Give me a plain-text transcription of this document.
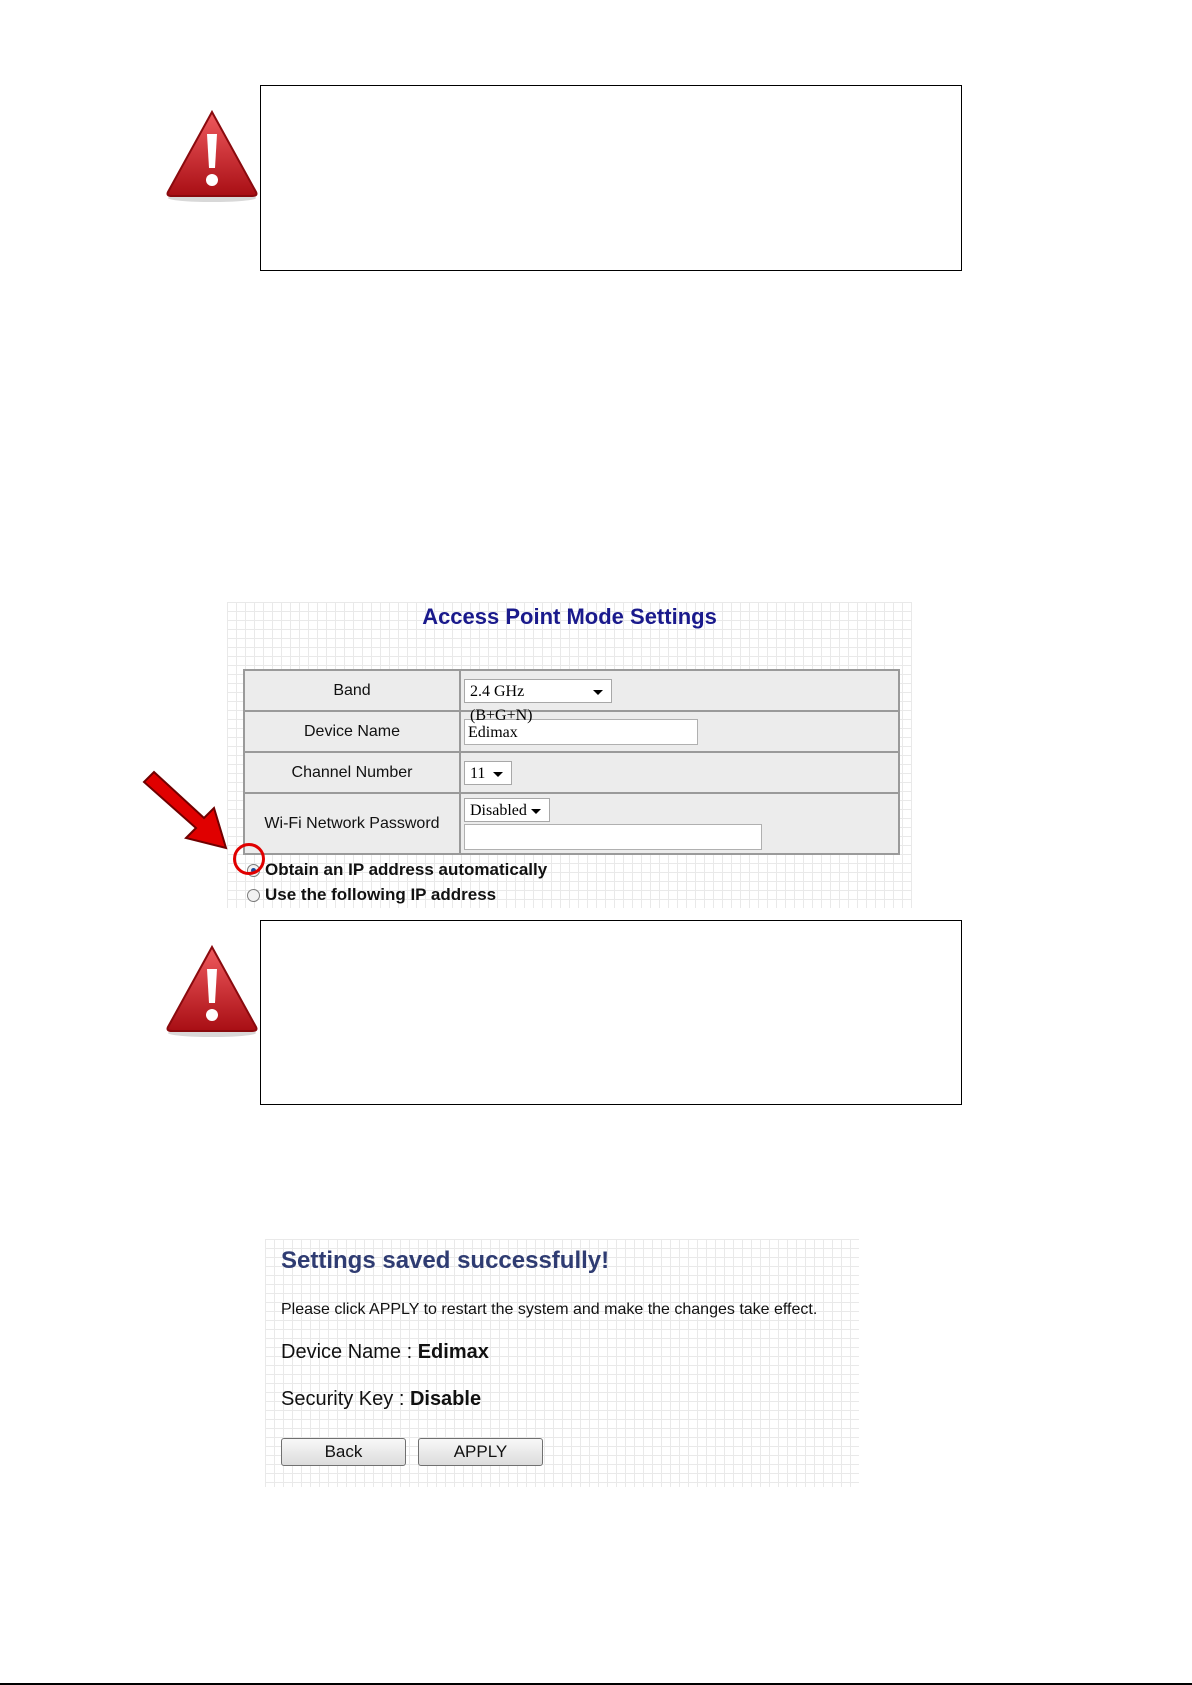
Access Point Mode Settings
Band	2.4 GHz (B+G+N)

Device Name	Edimax
Channel Number	11

Wi-Fi Network Password	Disabled

Obtain an IP address automatically
Use the following IP address
Settings saved successfully!
Please click APPLY to restart the system and make the changes take effect.
Device Name : Edimax
Security Key : Disable
Back	APPLY
